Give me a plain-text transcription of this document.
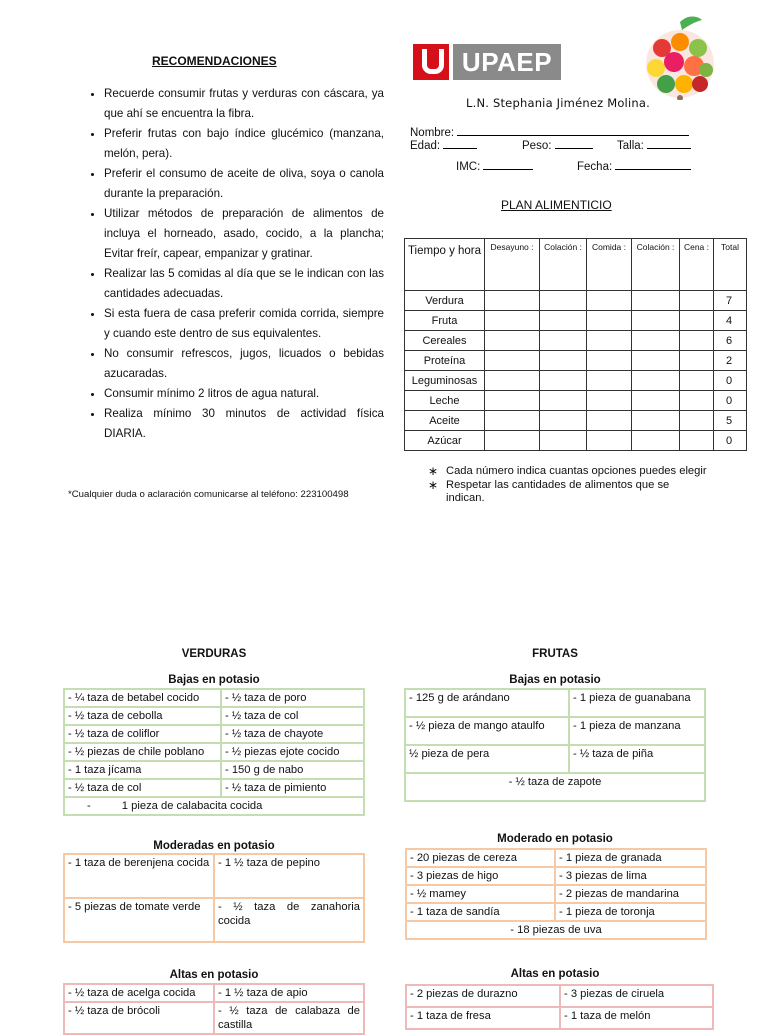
RECOMENDACIONES
• Recuerde consumir frutas y verduras con cáscara, ya que ahí se encuentra la fibra.
• Preferir frutas con bajo índice glucémico (manzana, melón, pera).
• Preferir el consumo de aceite de oliva, soya o canola durante la preparación.
• Utilizar métodos de preparación de alimentos de incluya el horneado, asado, cocido, a la plancha; Evitar freír, capear, empanizar y gratinar.
• Realizar las 5 comidas al día que se le indican con las cantidades adecuadas.
• Si esta fuera de casa preferir comida corrida, siempre y cuando este dentro de sus equivalentes.
• No consumir refrescos, jugos, licuados o bebidas azucaradas.
• Consumir mínimo 2 litros de agua natural.
• Realiza mínimo 30 minutos de actividad física DIARIA.
*Cualquier duda o aclaración comunicarse al teléfono: 223100498
UPAEP
L.N. Stephania Jiménez Molina.
Nombre:
Edad:	Peso:	Talla:
IMC:	Fecha:
PLAN ALIMENTICIO
Tiempo y hora	Desayuno :	Colación :	Comida :	Colación :	Cena :	Total
Verdura						7
Fruta						4
Cereales						6
Proteína						2
Leguminosas						0
Leche						0
Aceite						5
Azúcar						0
∗ Cada número indica cuantas opciones puedes elegir
∗ Respetar las cantidades de alimentos que se indican.
VERDURAS
Bajas en potasio
- ¼ taza de betabel cocido	- ½ taza de poro
- ½ taza de cebolla	- ½ taza de col
- ½ taza de coliflor	- ½ taza de chayote
- ½ piezas de chile poblano	- ½ piezas ejote cocido
- 1 taza jícama	- 150 g de nabo
- ½ taza de col	- ½ taza de pimiento
-          1 pieza de calabacita cocida	
Moderadas en potasio
- 1 taza de berenjena cocida	- 1 ½ taza de pepino
- 5 piezas de tomate verde	- ½ taza de zanahoria cocida
Altas en potasio
- ½ taza de acelga cocida	- 1 ½ taza de apio
- ½ taza de brócoli	- ½ taza de calabaza de castilla
FRUTAS
Bajas en potasio
- 125 g de arándano	- 1 pieza de guanabana
- ½ pieza de mango ataulfo	- 1 pieza de manzana
½ pieza de pera	- ½ taza de piña
- ½ taza de zapote	
Moderado en potasio
- 20 piezas de cereza	- 1 pieza de granada
- 3 piezas de higo	- 3 piezas de lima
- ½ mamey	- 2 piezas de mandarina
- 1 taza de sandía	- 1 pieza de toronja
- 18 piezas de uva	
Altas en potasio
- 2 piezas de durazno	- 3 piezas de ciruela
- 1 taza de fresa	- 1 taza de melón
